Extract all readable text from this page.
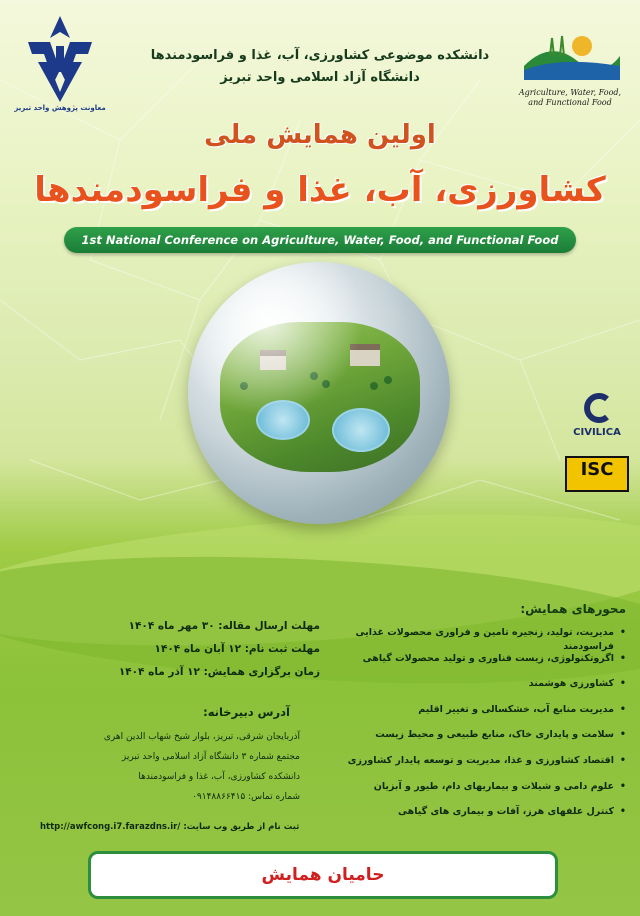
معاونت پژوهش واحد تبریز
Agriculture, Water, Food, and Functional Food
دانشکده موضوعی کشاورزی، آب، غذا و فراسودمندها
دانشگاه آزاد اسلامی واحد تبریز
اولین همایش ملی
کشاورزی، آب، غذا و فراسودمندها
1st National Conference on Agriculture, Water, Food, and Functional Food
CIVILICA
ISC
محورهای همایش:
• مدیریت، تولید، زنجیره تامین و فراوری محصولات غذایی فراسودمند
• اگروتکنولوژی، زیست فناوری و تولید محصولات گیاهی
• کشاورزی هوشمند
• مدیریت منابع آب، خشکسالی و تغییر اقلیم
• سلامت و پایداری خاک، منابع طبیعی و محیط زیست
• اقتصاد کشاورزی و غذا، مدیریت و توسعه پایدار کشاورزی
• علوم دامی و شیلات و بیماریهای دام، طیور و آبزیان
• کنترل علفهای هرز، آفات و بیماری های گیاهی
مهلت ارسال مقاله: ۳۰ مهر ماه ۱۴۰۴
مهلت ثبت نام: ۱۲ آبان ماه ۱۴۰۴
زمان برگزاری همایش: ۱۲ آذر ماه ۱۴۰۴
آدرس دبیرخانه:
آذربایجان شرقی، تبریز، بلوار شیخ شهاب الدین اهری
مجتمع شماره ۳ دانشگاه آزاد اسلامی واحد تبریز
دانشکده کشاورزی، آب، غذا و فراسودمندها
شماره تماس: ۰۹۱۴۸۸۶۶۴۱۵
http://awfcong.i7.farazdns.ir/ :ثبت نام از طریق وب سایت
حامیان همایش
